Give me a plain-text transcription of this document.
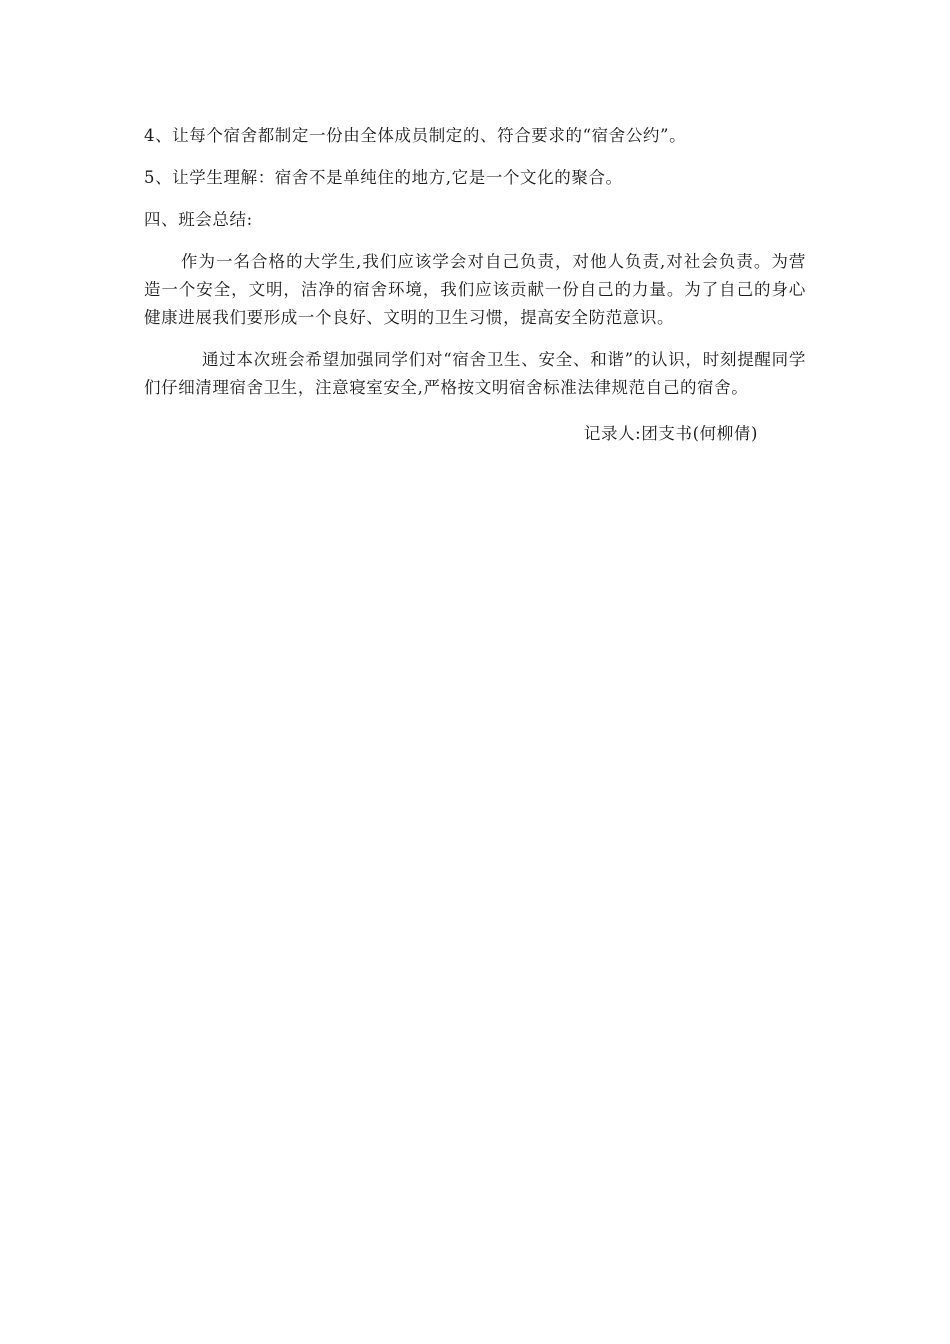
4、让每个宿舍都制定一份由全体成员制定的、符合要求的“宿舍公约”。

5、让学生理解：宿舍不是单纯住的地方,它是一个文化的聚合。

四、班会总结:

作为一名合格的大学生,我们应该学会对自己负责，对他人负责,对社会负责。为营造一个安全，文明，洁净的宿舍环境，我们应该贡献一份自己的力量。为了自己的身心健康进展我们要形成一个良好、文明的卫生习惯，提高安全防范意识。

通过本次班会希望加强同学们对“宿舍卫生、安全、和谐”的认识，时刻提醒同学们仔细清理宿舍卫生，注意寝室安全,严格按文明宿舍标准法律规范自己的宿舍。

记录人:团支书(何柳倩)
